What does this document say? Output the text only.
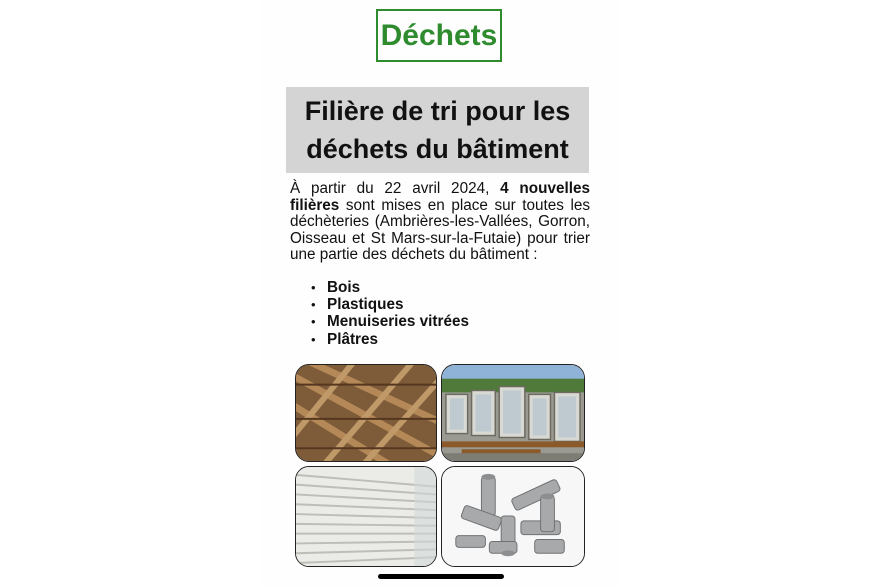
Déchets
Filière de tri pour les
déchets du bâtiment
À partir du 22 avril 2024, 4 nouvelles filières sont mises en place sur toutes les déchèteries (Ambrières-les-Vallées, Gorron, Oisseau et St Mars-sur-la-Futaie) pour trier une partie des déchets du bâtiment :
• Bois
• Plastiques
• Menuiseries vitrées
• Plâtres
